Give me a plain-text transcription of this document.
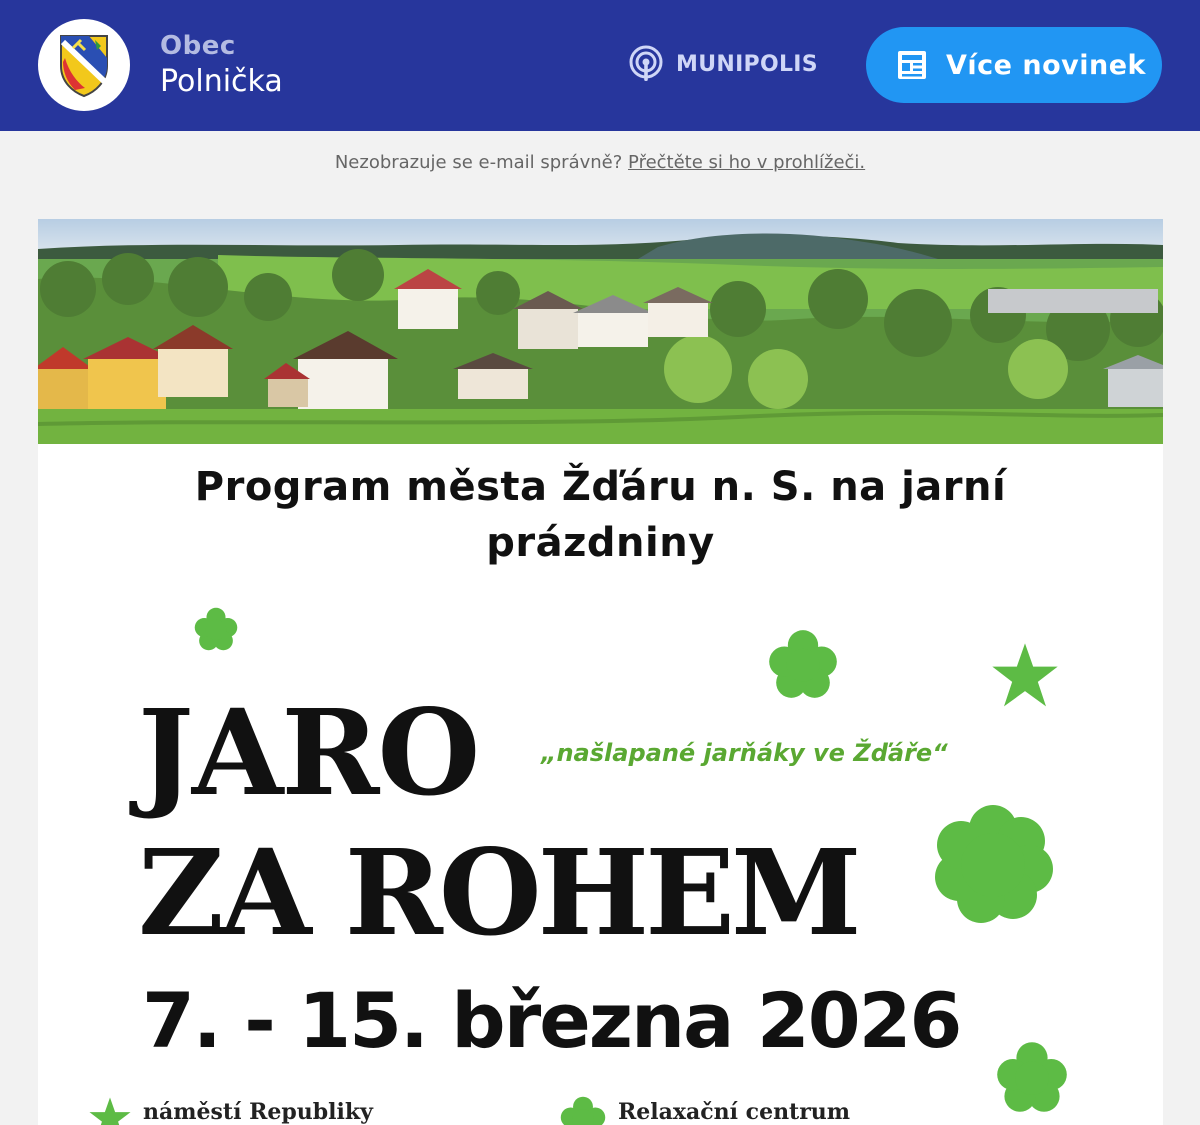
Obec
Polnička	MUNIPOLIS	Více novinek
Nezobrazuje se e-mail správně? Přečtěte si ho v prohlížeči.
Program města Žďáru n. S. na jarní prázdniny
JARO	„našlapané jarňáky ve Žďáře“
ZA ROHEM
7. - 15. března 2026
náměstí Republiky	Relaxační centrum
